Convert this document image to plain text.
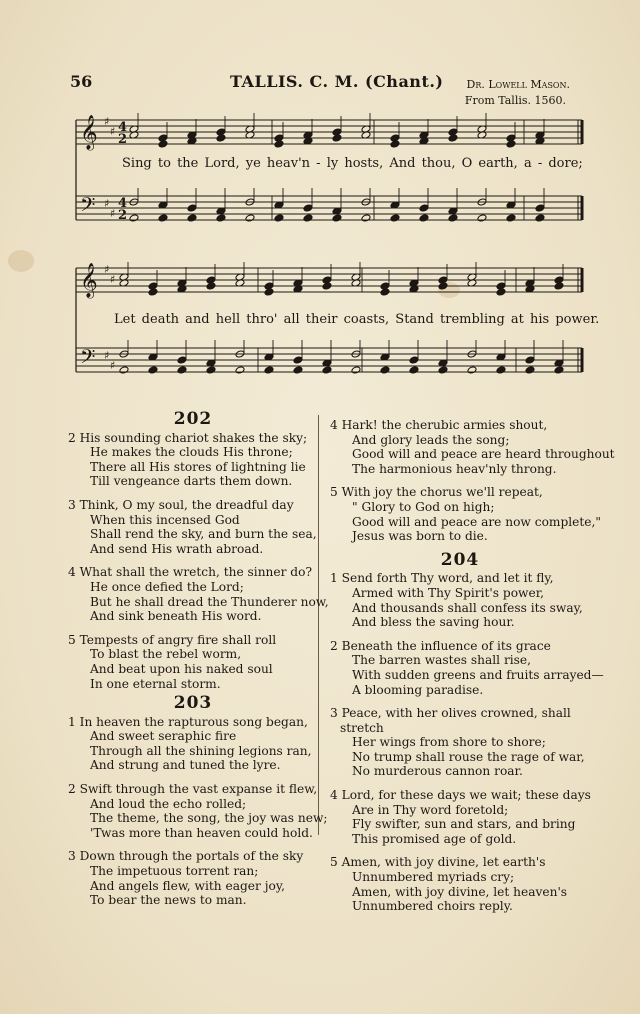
56	TALLIS. C. M. (Chant.) Dr. Lowell Mason.
From Tallis. 1560.
𝄞
𝄢
♯
♯
♯
♯
4
2
4
2
Sing to the Lord, ye heav'n - ly hosts, And thou, O earth, a - dore;
𝄞
𝄢
♯
♯
♯
♯
Let death and hell thro' all their coasts, Stand trembling at his power.
202
2 His sounding chariot shakes the sky;
He makes the clouds His throne;
There all His stores of lightning lie
Till vengeance darts them down.
3 Think, O my soul, the dreadful day
When this incensed God
Shall rend the sky, and burn the sea,
And send His wrath abroad.
4 What shall the wretch, the sinner do?
He once defied the Lord;
But he shall dread the Thunderer now,
And sink beneath His word.
5 Tempests of angry fire shall roll
To blast the rebel worm,
And beat upon his naked soul
In one eternal storm.
203
1 In heaven the rapturous song began,
And sweet seraphic fire
Through all the shining legions ran,
And strung and tuned the lyre.
2 Swift through the vast expanse it flew,
And loud the echo rolled;
The theme, the song, the joy was new;
'Twas more than heaven could hold.
3 Down through the portals of the sky
The impetuous torrent ran;
And angels flew, with eager joy,
To bear the news to man.
4 Hark! the cherubic armies shout,
And glory leads the song;
Good will and peace are heard throughout
The harmonious heav'nly throng.
5 With joy the chorus we'll repeat,
" Glory to God on high;
Good will and peace are now complete,"
Jesus was born to die.
204
1 Send forth Thy word, and let it fly,
Armed with Thy Spirit's power,
And thousands shall confess its sway,
And bless the saving hour.
2 Beneath the influence of its grace
The barren wastes shall rise,
With sudden greens and fruits arrayed—
A blooming paradise.
3 Peace, with her olives crowned, shall
stretch
Her wings from shore to shore;
No trump shall rouse the rage of war,
No murderous cannon roar.
4 Lord, for these days we wait; these days
Are in Thy word foretold;
Fly swifter, sun and stars, and bring
This promised age of gold.
5 Amen, with joy divine, let earth's
Unnumbered myriads cry;
Amen, with joy divine, let heaven's
Unnumbered choirs reply.
